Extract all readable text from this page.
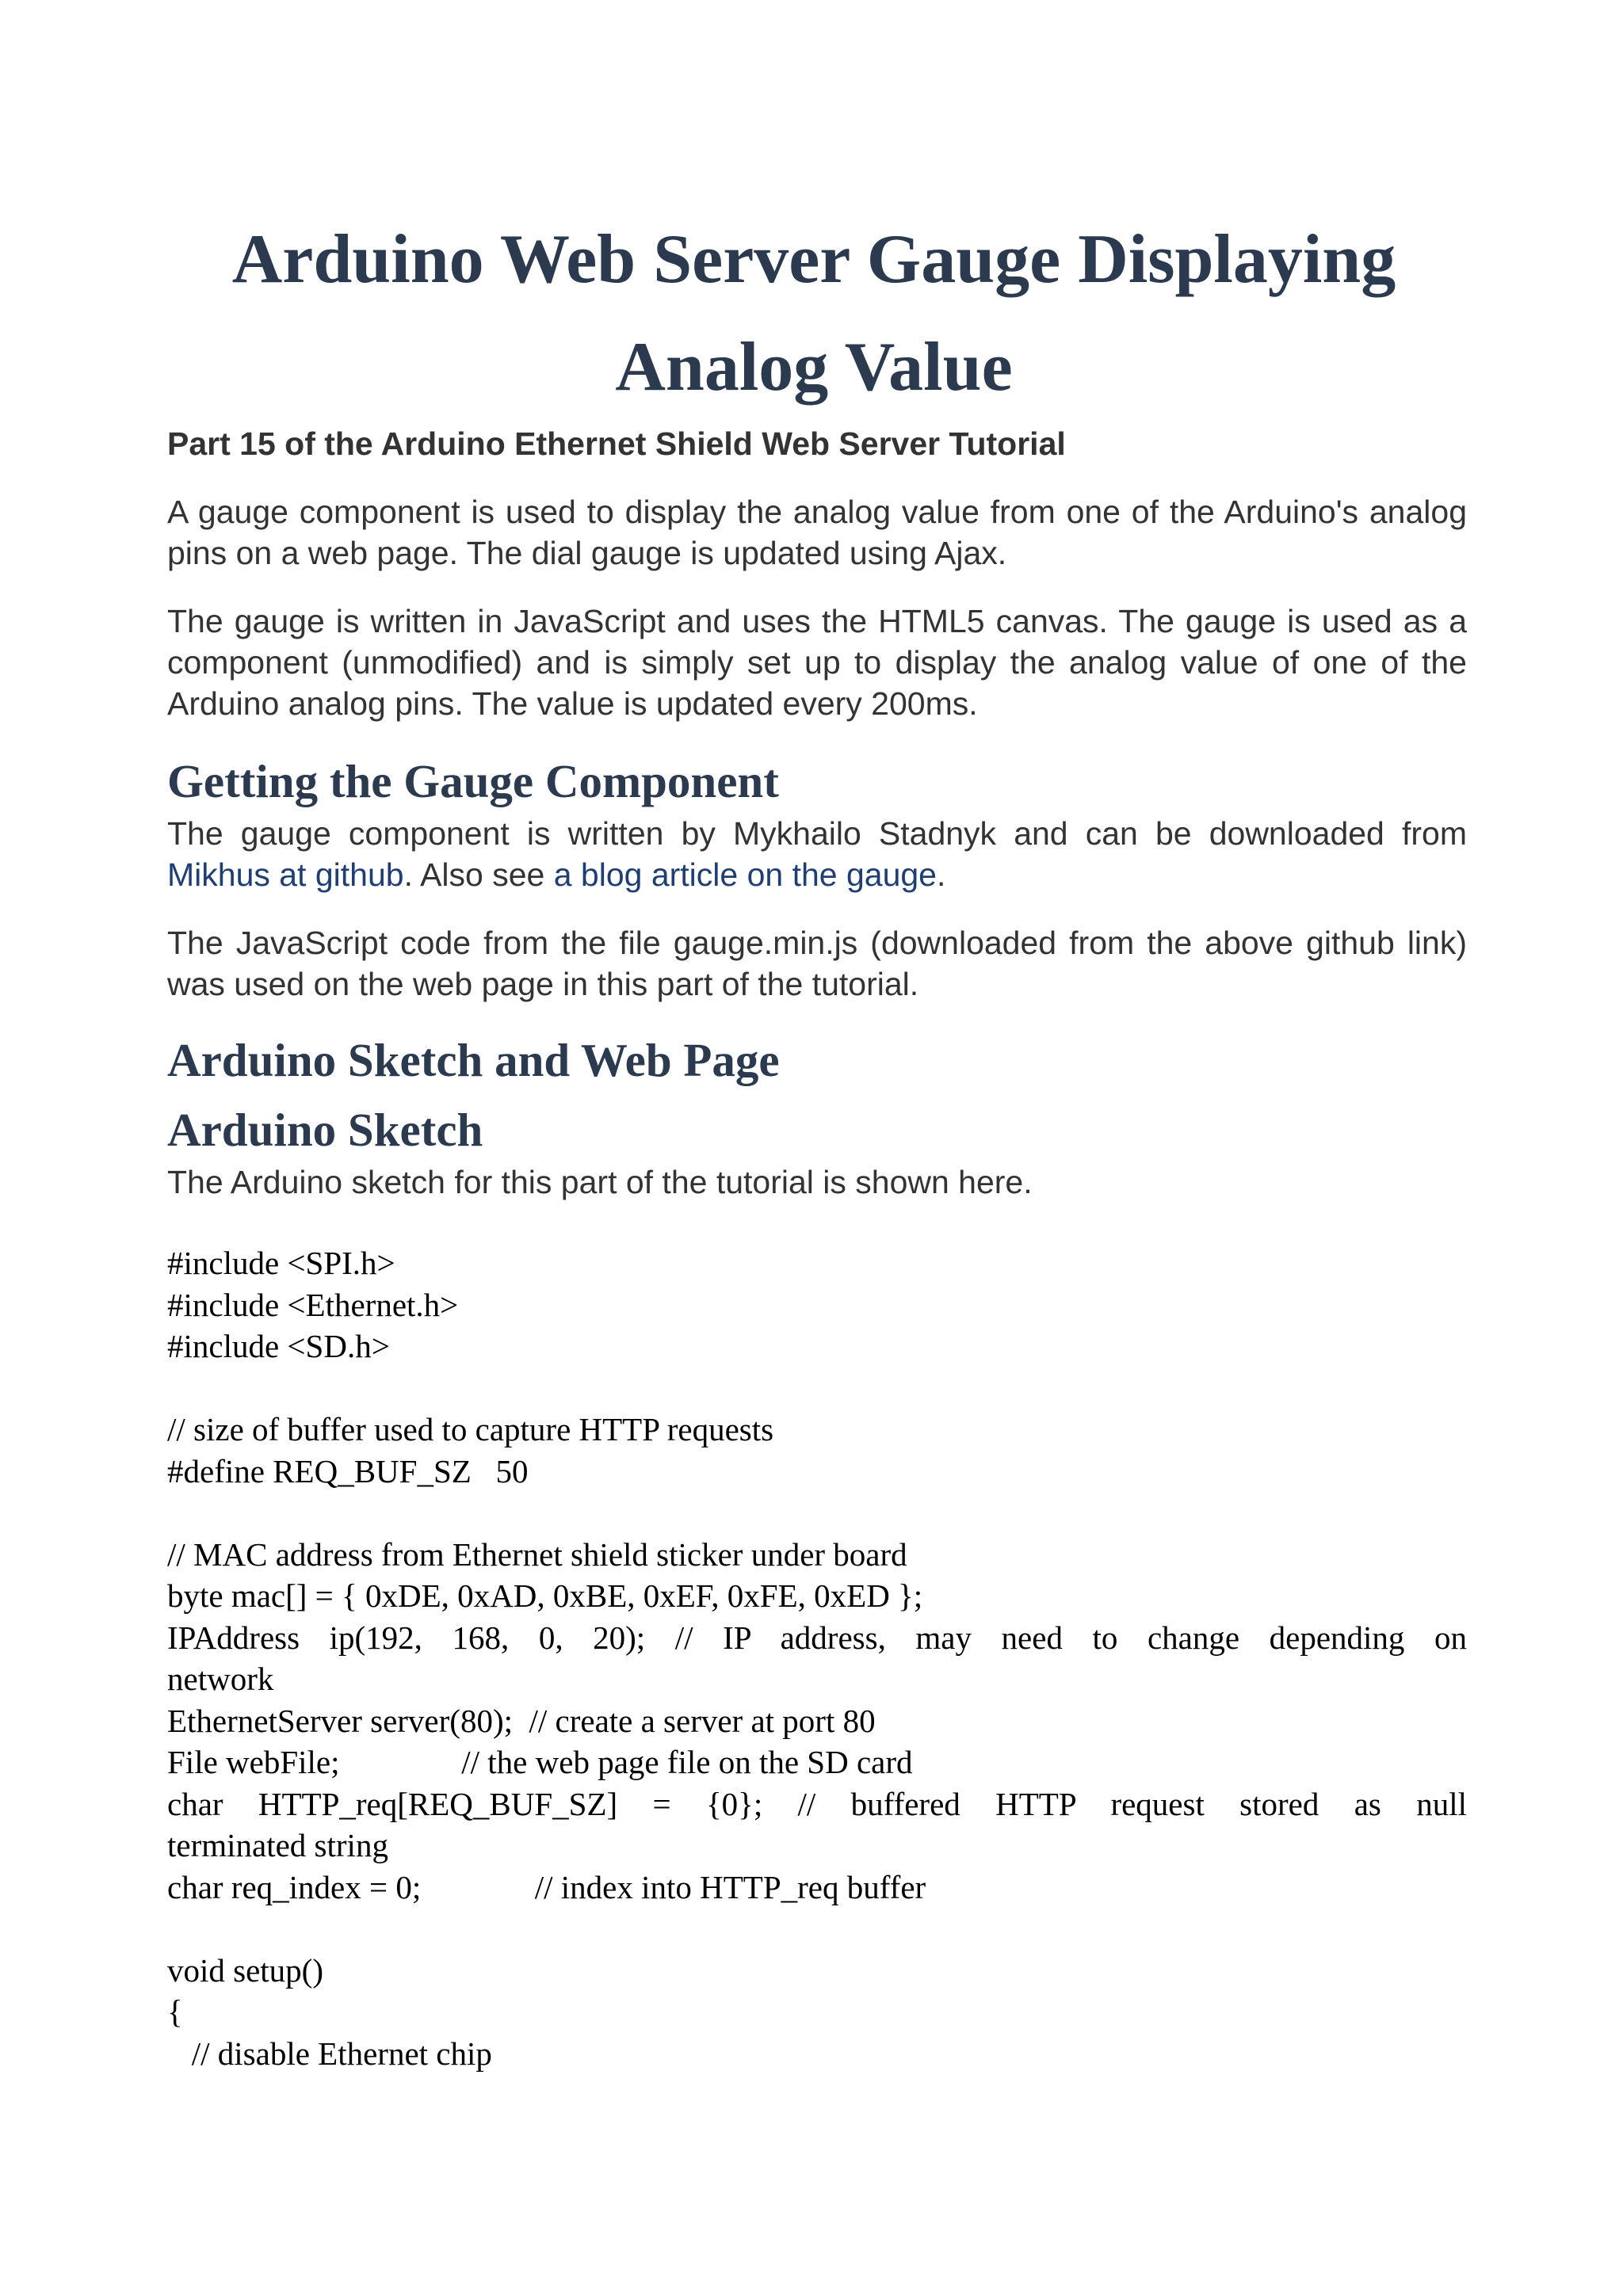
Arduino Web Server Gauge Displaying Analog Value

Part 15 of the Arduino Ethernet Shield Web Server Tutorial

A gauge component is used to display the analog value from one of the Arduino's analog pins on a web page. The dial gauge is updated using Ajax.

The gauge is written in JavaScript and uses the HTML5 canvas. The gauge is used as a component (unmodified) and is simply set up to display the analog value of one of the Arduino analog pins. The value is updated every 200ms.

Getting the Gauge Component

The gauge component is written by Mykhailo Stadnyk and can be downloaded from Mikhus at github. Also see a blog article on the gauge.

The JavaScript code from the file gauge.min.js (downloaded from the above github link) was used on the web page in this part of the tutorial.

Arduino Sketch and Web Page
Arduino Sketch

The Arduino sketch for this part of the tutorial is shown here.

#include <SPI.h>
#include <Ethernet.h>
#include <SD.h>
// size of buffer used to capture HTTP requests
#define REQ_BUF_SZ   50
// MAC address from Ethernet shield sticker under board
byte mac[] = { 0xDE, 0xAD, 0xBE, 0xEF, 0xFE, 0xED };
IPAddress ip(192, 168, 0, 20); // IP address, may need to change depending on
network
EthernetServer server(80);  // create a server at port 80
File webFile;               // the web page file on the SD card
char HTTP_req[REQ_BUF_SZ] = {0}; // buffered HTTP request stored as null
terminated string
char req_index = 0;              // index into HTTP_req buffer
void setup()
{
// disable Ethernet chip
